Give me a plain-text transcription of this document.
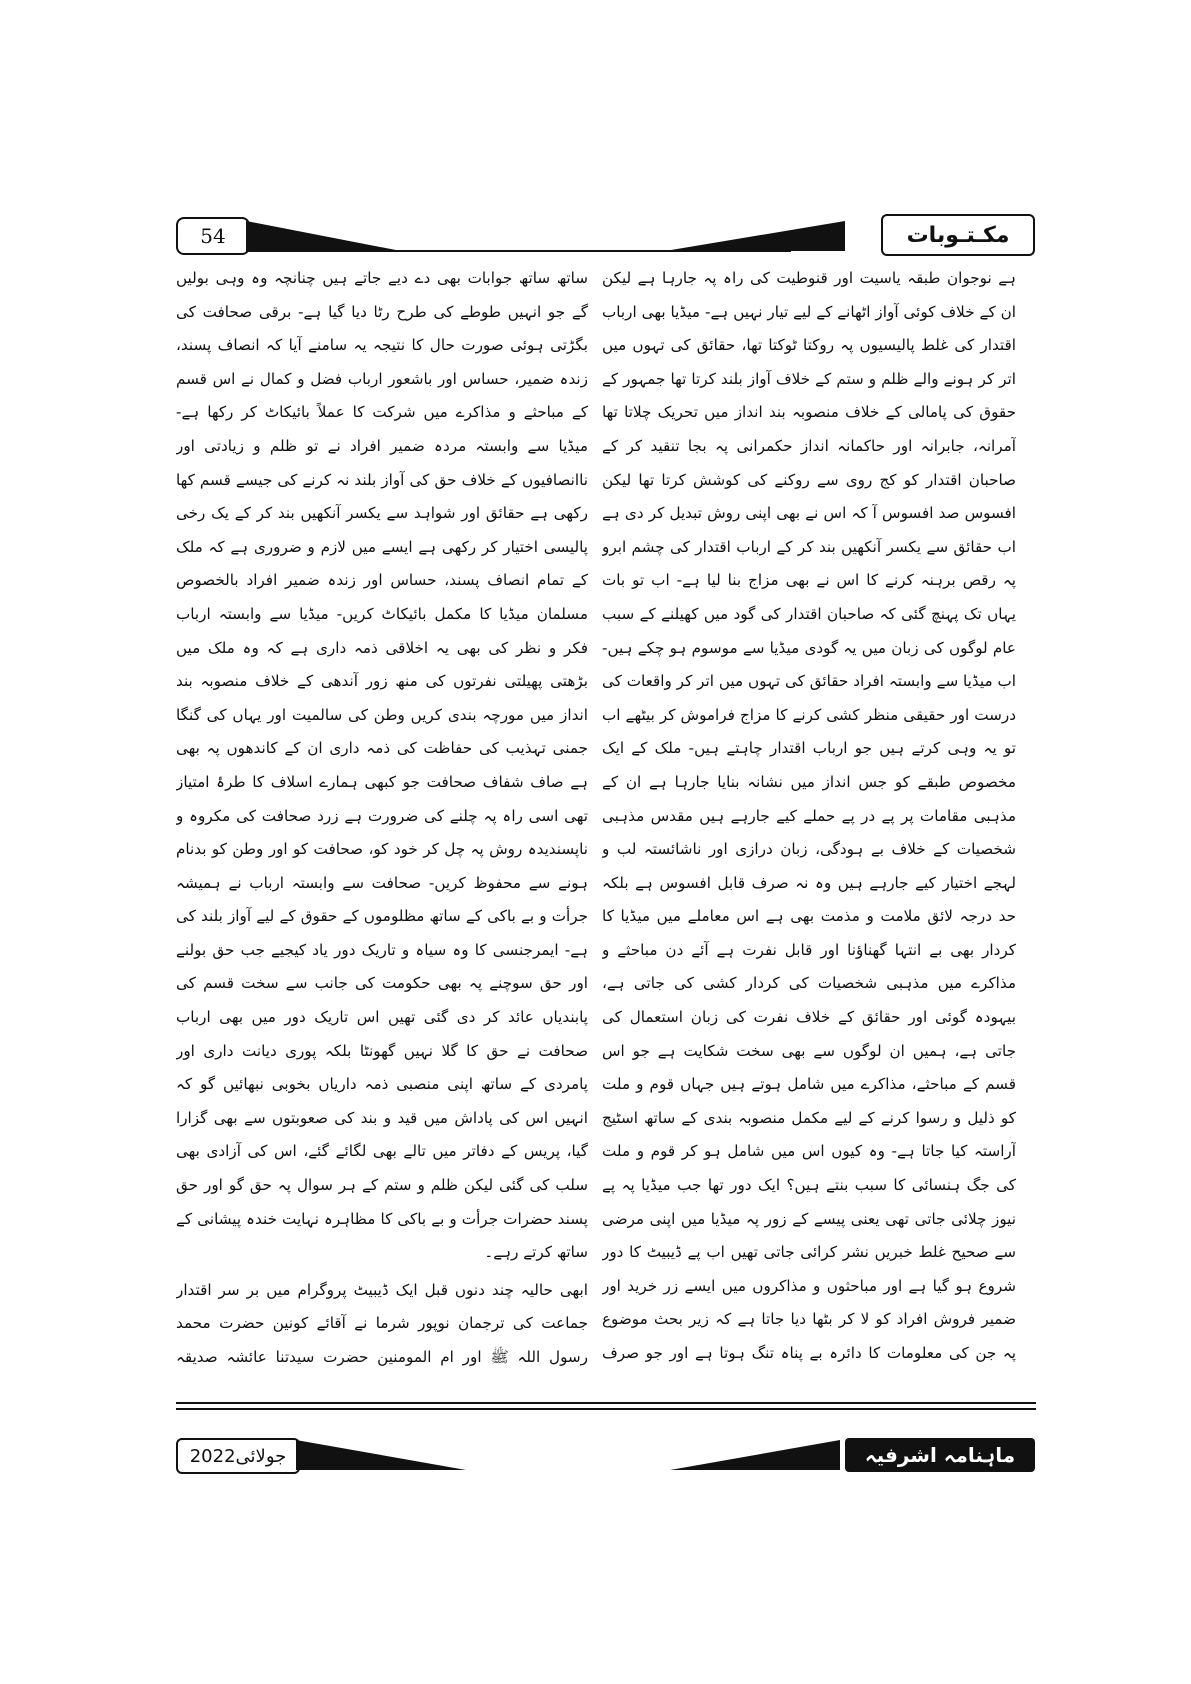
54	مکـتـوبات

ہے نوجوان طبقہ یاسیت اور قنوطیت کی راہ پہ جارہا ہے لیکن ان کے خلاف کوئی آواز اٹھانے کے لیے تیار نہیں ہے- میڈیا بھی ارباب اقتدار کی غلط پالیسیوں پہ روکتا ٹوکتا تھا، حقائق کی تہوں میں اتر کر ہونے والے ظلم و ستم کے خلاف آواز بلند کرتا تھا جمہور کے حقوق کی پامالی کے خلاف منصوبہ بند انداز میں تحریک چلاتا تھا آمرانہ، جابرانہ اور حاکمانہ انداز حکمرانی پہ بجا تنقید کر کے صاحبان اقتدار کو کج روی سے روکنے کی کوشش کرتا تھا لیکن افسوس صد افسوس آ کہ اس نے بھی اپنی روش تبدیل کر دی ہے اب حقائق سے یکسر آنکھیں بند کر کے ارباب اقتدار کی چشم ابرو پہ رقص برہنہ کرنے کا اس نے بھی مزاج بنا لیا ہے- اب تو بات یہاں تک پہنچ گئی کہ صاحبان اقتدار کی گود میں کھیلنے کے سبب عام لوگوں کی زبان میں یہ گودی میڈیا سے موسوم ہو چکے ہیں- اب میڈیا سے وابستہ افراد حقائق کی تہوں میں اتر کر واقعات کی درست اور حقیقی منظر کشی کرنے کا مزاج فراموش کر بیٹھے اب تو یہ وہی کرتے ہیں جو ارباب اقتدار چاہتے ہیں- ملک کے ایک مخصوص طبقے کو جس انداز میں نشانہ بنایا جارہا ہے ان کے مذہبی مقامات پر پے در پے حملے کیے جارہے ہیں مقدس مذہبی شخصیات کے خلاف بے ہودگی، زبان درازی اور ناشائستہ لب و لہجے اختیار کیے جارہے ہیں وہ نہ صرف قابل افسوس ہے بلکہ حد درجہ لائق ملامت و مذمت بھی ہے اس معاملے میں میڈیا کا کردار بھی بے انتہا گھناؤنا اور قابل نفرت ہے آئے دن مباحثے و مذاکرے میں مذہبی شخصیات کی کردار کشی کی جاتی ہے، بیہودہ گوئی اور حقائق کے خلاف نفرت کی زبان استعمال کی جاتی ہے، ہمیں ان لوگوں سے بھی سخت شکایت ہے جو اس قسم کے مباحثے، مذاکرے میں شامل ہوتے ہیں جہاں قوم و ملت کو ذلیل و رسوا کرنے کے لیے مکمل منصوبہ بندی کے ساتھ اسٹیج آراستہ کیا جاتا ہے- وہ کیوں اس میں شامل ہو کر قوم و ملت کی جگ ہنسائی کا سبب بنتے ہیں؟ ایک دور تھا جب میڈیا پہ پے نیوز چلائی جاتی تھی یعنی پیسے کے زور پہ میڈیا میں اپنی مرضی سے صحیح غلط خبریں نشر کرائی جاتی تھیں اب پے ڈیبیٹ کا دور شروع ہو گیا ہے اور مباحثوں و مذاکروں میں ایسے زر خرید اور ضمیر فروش افراد کو لا کر بٹھا دیا جاتا ہے کہ زیر بحث موضوع پہ جن کی معلومات کا دائرہ بے پناہ تنگ ہوتا ہے اور جو صرف

ساتھ ساتھ جوابات بھی دے دیے جاتے ہیں چنانچہ وہ وہی بولیں گے جو انہیں طوطے کی طرح رٹا دیا گیا ہے- برقی صحافت کی بگڑتی ہوئی صورت حال کا نتیجہ یہ سامنے آیا کہ انصاف پسند، زندہ ضمیر، حساس اور باشعور ارباب فضل و کمال نے اس قسم کے مباحثے و مذاکرے میں شرکت کا عملاً بائیکاٹ کر رکھا ہے- میڈیا سے وابستہ مردہ ضمیر افراد نے تو ظلم و زیادتی اور ناانصافیوں کے خلاف حق کی آواز بلند نہ کرنے کی جیسے قسم کھا رکھی ہے حقائق اور شواہد سے یکسر آنکھیں بند کر کے یک رخی پالیسی اختیار کر رکھی ہے ایسے میں لازم و ضروری ہے کہ ملک کے تمام انصاف پسند، حساس اور زندہ ضمیر افراد بالخصوص مسلمان میڈیا کا مکمل بائیکاٹ کریں- میڈیا سے وابستہ ارباب فکر و نظر کی بھی یہ اخلاقی ذمہ داری ہے کہ وہ ملک میں بڑھتی پھیلتی نفرتوں کی منھ زور آندھی کے خلاف منصوبہ بند انداز میں مورچہ بندی کریں وطن کی سالمیت اور یہاں کی گنگا جمنی تہذیب کی حفاظت کی ذمہ داری ان کے کاندھوں پہ بھی ہے صاف شفاف صحافت جو کبھی ہمارے اسلاف کا طرۂ امتیاز تھی اسی راہ پہ چلنے کی ضرورت ہے زرد صحافت کی مکروہ و ناپسندیدہ روش پہ چل کر خود کو، صحافت کو اور وطن کو بدنام ہونے سے محفوظ کریں- صحافت سے وابستہ ارباب نے ہمیشہ جرأت و بے باکی کے ساتھ مظلوموں کے حقوق کے لیے آواز بلند کی ہے- ایمرجنسی کا وہ سیاہ و تاریک دور یاد کیجیے جب حق بولنے اور حق سوچنے پہ بھی حکومت کی جانب سے سخت قسم کی پابندیاں عائد کر دی گئی تھیں اس تاریک دور میں بھی ارباب صحافت نے حق کا گلا نہیں گھونٹا بلکہ پوری دیانت داری اور پامردی کے ساتھ اپنی منصبی ذمہ داریاں بخوبی نبھائیں گو کہ انہیں اس کی پاداش میں قید و بند کی صعوبتوں سے بھی گزارا گیا، پریس کے دفاتر میں تالے بھی لگائے گئے، اس کی آزادی بھی سلب کی گئی لیکن ظلم و ستم کے ہر سوال پہ حق گو اور حق پسند حضرات جرأت و بے باکی کا مظاہرہ نہایت خندہ پیشانی کے ساتھ کرتے رہے۔

ابھی حالیہ چند دنوں قبل ایک ڈیبیٹ پروگرام میں بر سر اقتدار جماعت کی ترجمان نوپور شرما نے آقائے کونین حضرت محمد رسول اللہ ﷺ اور ام المومنین حضرت سیدتنا عائشہ صدیقہ

جولائی2022	ماہنامہ اشرفیہ
